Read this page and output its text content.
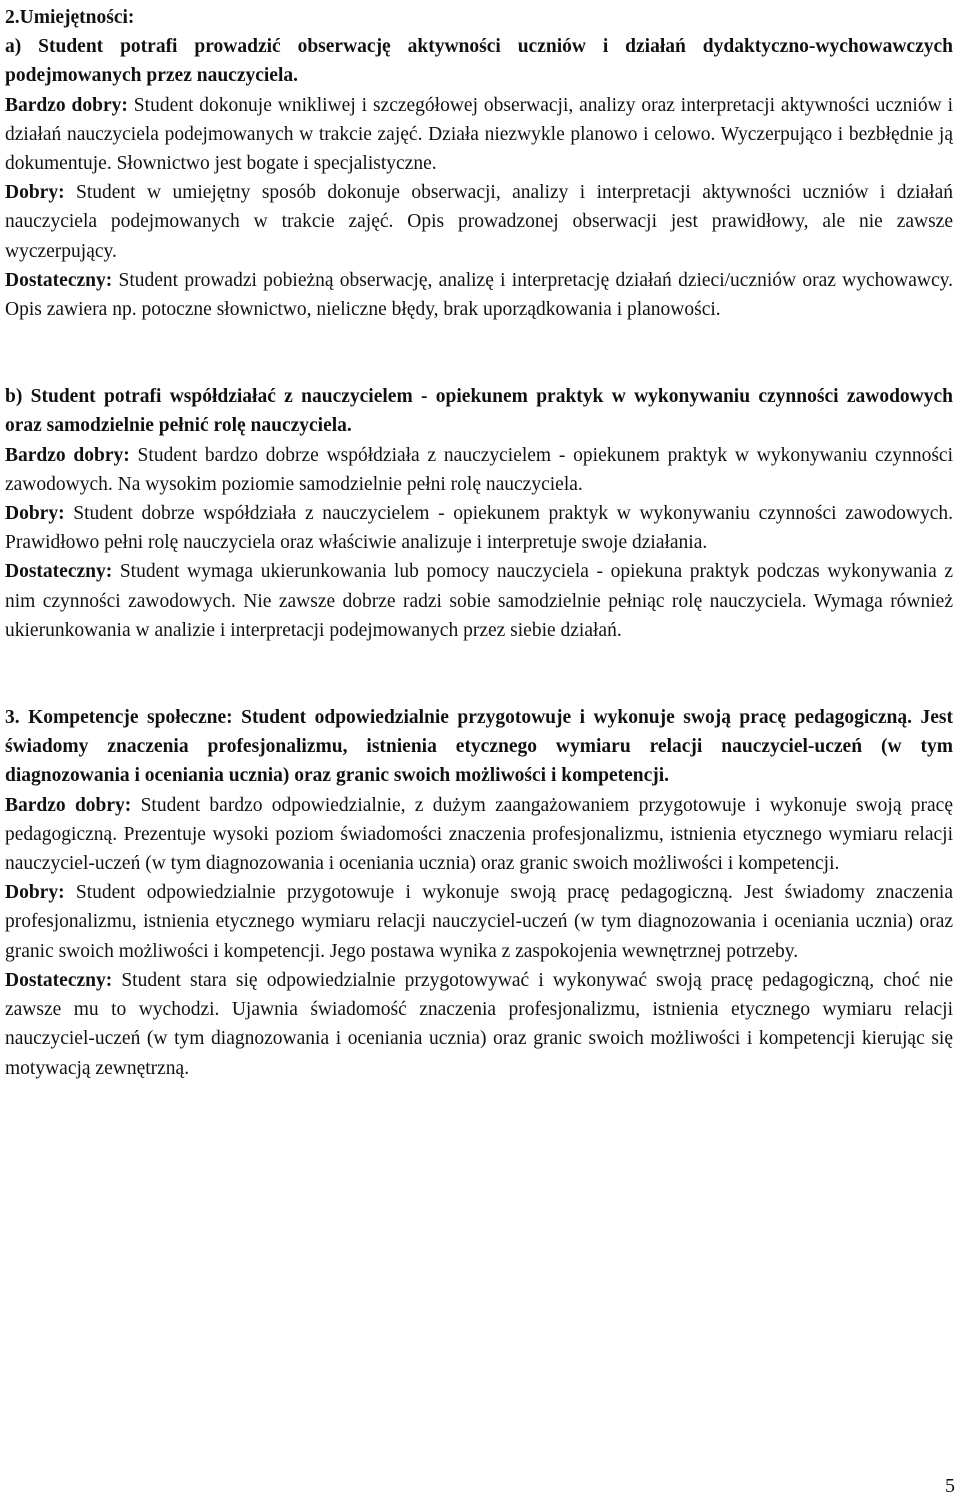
2.Umiejętności:

a) Student potrafi prowadzić obserwację aktywności uczniów i działań dydaktyczno-wychowawczych podejmowanych przez nauczyciela.

Bardzo dobry: Student dokonuje wnikliwej i szczegółowej obserwacji, analizy oraz interpretacji aktywności uczniów i działań nauczyciela podejmowanych w trakcie zajęć. Działa niezwykle planowo i celowo. Wyczerpująco i bezbłędnie ją dokumentuje. Słownictwo jest bogate i specjalistyczne.

Dobry: Student w umiejętny sposób dokonuje obserwacji, analizy i interpretacji aktywności uczniów i działań nauczyciela podejmowanych w trakcie zajęć. Opis prowadzonej obserwacji jest prawidłowy, ale nie zawsze wyczerpujący.

Dostateczny: Student prowadzi pobieżną obserwację, analizę i interpretację działań dzieci/uczniów oraz wychowawcy. Opis zawiera np. potoczne słownictwo, nieliczne błędy, brak uporządkowania i planowości.

b) Student potrafi współdziałać z nauczycielem - opiekunem praktyk w wykonywaniu czynności zawodowych oraz samodzielnie pełnić rolę nauczyciela.

Bardzo dobry: Student bardzo dobrze współdziała z nauczycielem - opiekunem praktyk w wykonywaniu czynności zawodowych. Na wysokim poziomie samodzielnie pełni rolę nauczyciela.

Dobry: Student dobrze współdziała z nauczycielem - opiekunem praktyk w wykonywaniu czynności zawodowych. Prawidłowo pełni rolę nauczyciela oraz właściwie analizuje i interpretuje swoje działania.

Dostateczny: Student wymaga ukierunkowania lub pomocy nauczyciela - opiekuna praktyk podczas wykonywania z nim czynności zawodowych. Nie zawsze dobrze radzi sobie samodzielnie pełniąc rolę nauczyciela. Wymaga również ukierunkowania w analizie i interpretacji podejmowanych przez siebie działań.

3. Kompetencje społeczne: Student odpowiedzialnie przygotowuje i wykonuje swoją pracę pedagogiczną. Jest świadomy znaczenia profesjonalizmu, istnienia etycznego wymiaru relacji nauczyciel-uczeń (w tym diagnozowania i oceniania ucznia) oraz granic swoich możliwości i kompetencji.

Bardzo dobry: Student bardzo odpowiedzialnie, z dużym zaangażowaniem przygotowuje i wykonuje swoją pracę pedagogiczną. Prezentuje wysoki poziom świadomości znaczenia profesjonalizmu, istnienia etycznego wymiaru relacji nauczyciel-uczeń (w tym diagnozowania i oceniania ucznia) oraz granic swoich możliwości i kompetencji.

Dobry: Student odpowiedzialnie przygotowuje i wykonuje swoją pracę pedagogiczną. Jest świadomy znaczenia profesjonalizmu, istnienia etycznego wymiaru relacji nauczyciel-uczeń (w tym diagnozowania i oceniania ucznia) oraz granic swoich możliwości i kompetencji. Jego postawa wynika z zaspokojenia wewnętrznej potrzeby.

Dostateczny: Student stara się odpowiedzialnie przygotowywać i wykonywać swoją pracę pedagogiczną, choć nie zawsze mu to wychodzi. Ujawnia świadomość znaczenia profesjonalizmu, istnienia etycznego wymiaru relacji nauczyciel-uczeń (w tym diagnozowania i oceniania ucznia) oraz granic swoich możliwości i kompetencji kierując się motywacją zewnętrzną.

5
